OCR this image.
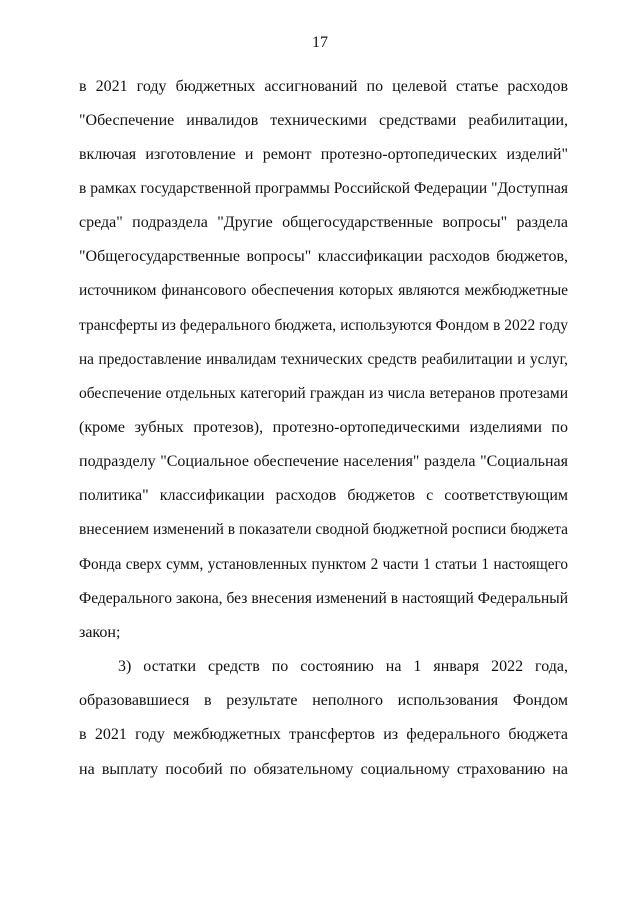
17
в 2021 году бюджетных ассигнований по целевой статье расходов
"Обеспечение инвалидов техническими средствами реабилитации,
включая изготовление и ремонт протезно-ортопедических изделий"
в рамках государственной программы Российской Федерации "Доступная
среда" подраздела "Другие общегосударственные вопросы" раздела
"Общегосударственные вопросы" классификации расходов бюджетов,
источником финансового обеспечения которых являются межбюджетные
трансферты из федерального бюджета, используются Фондом в 2022 году
на предоставление инвалидам технических средств реабилитации и услуг,
обеспечение отдельных категорий граждан из числа ветеранов протезами
(кроме зубных протезов), протезно-ортопедическими изделиями по
подразделу "Социальное обеспечение населения" раздела "Социальная
политика" классификации расходов бюджетов с соответствующим
внесением изменений в показатели сводной бюджетной росписи бюджета
Фонда сверх сумм, установленных пунктом 2 части 1 статьи 1 настоящего
Федерального закона, без внесения изменений в настоящий Федеральный
закон;
3) остатки средств по состоянию на 1 января 2022 года,
образовавшиеся в результате неполного использования Фондом
в 2021 году межбюджетных трансфертов из федерального бюджета
на выплату пособий по обязательному социальному страхованию на
